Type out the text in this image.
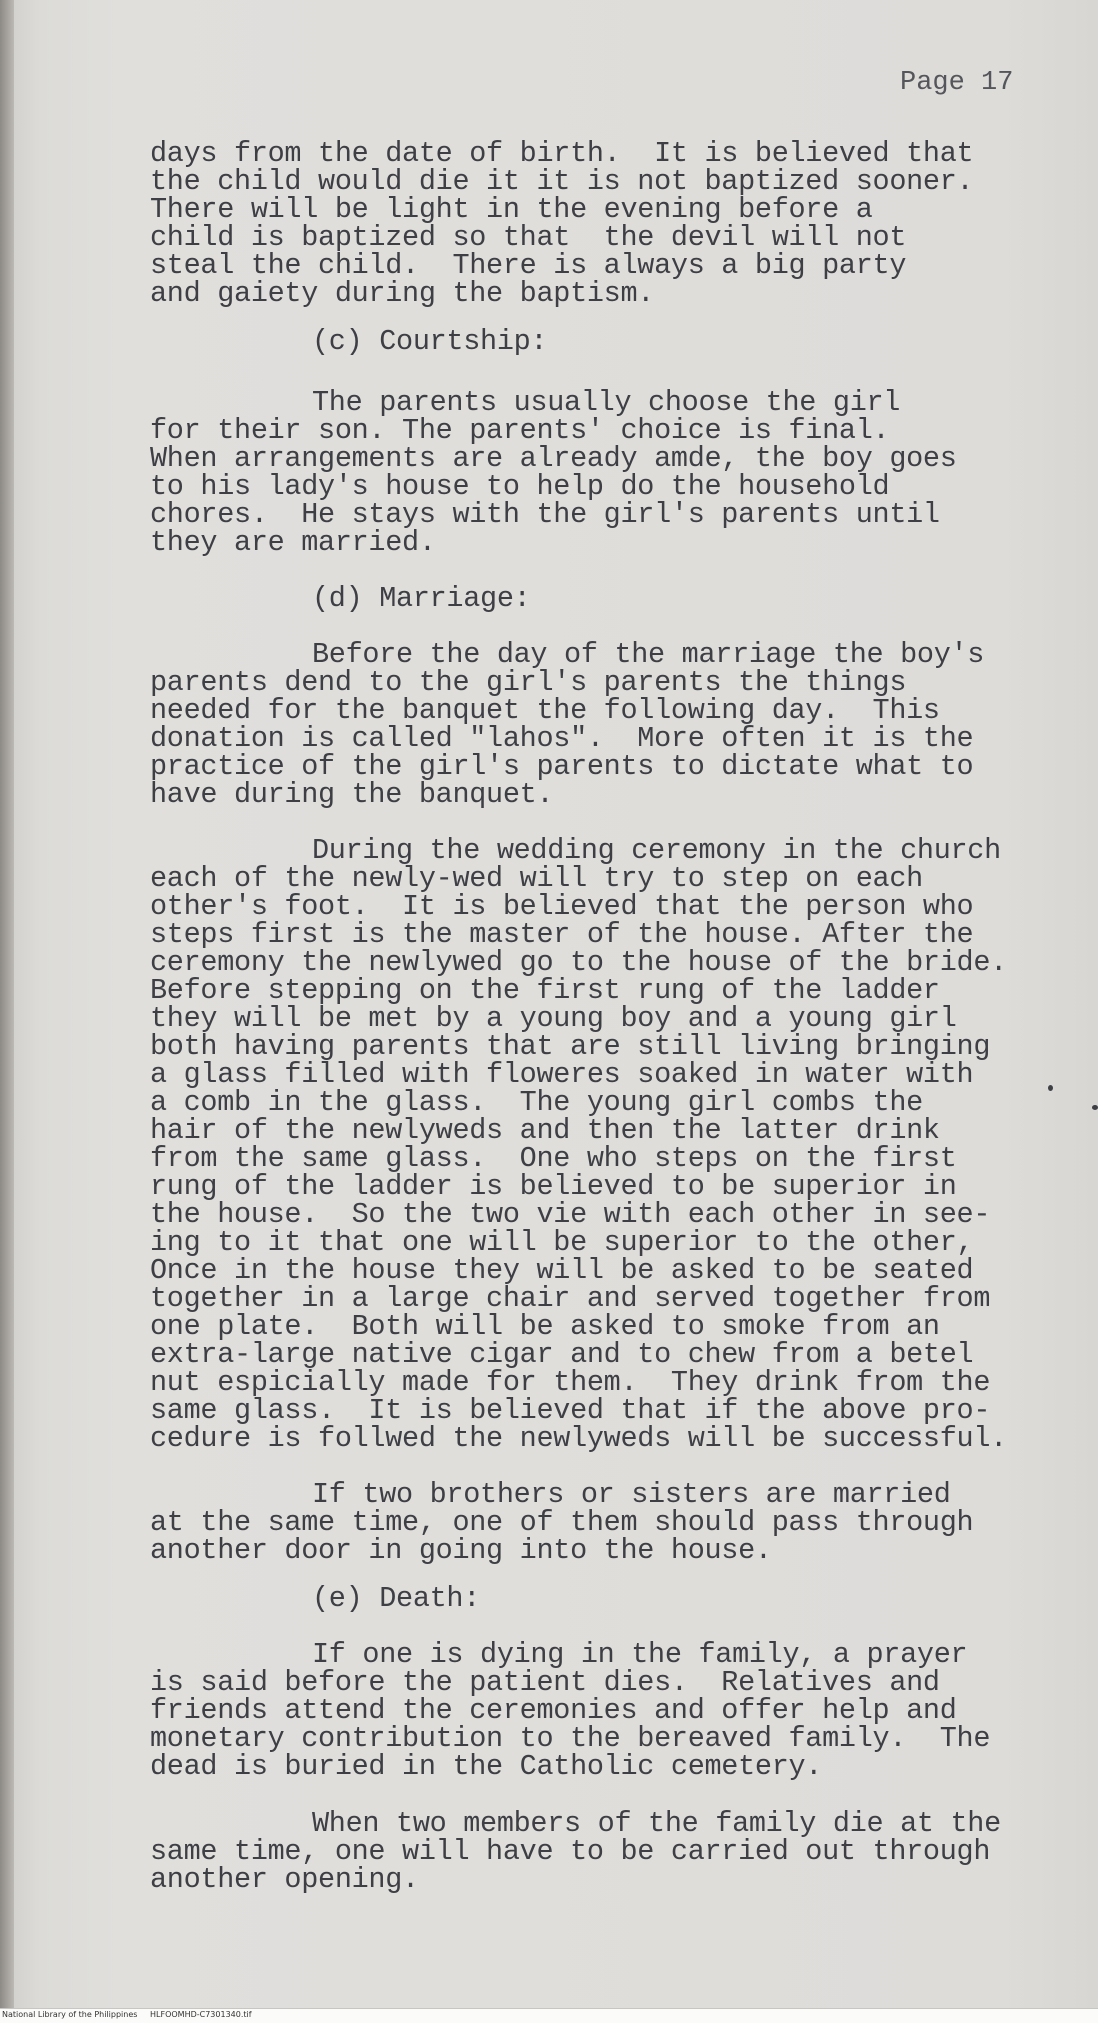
Page 17
days from the date of birth.  It is believed that
the child would die it it is not baptized sooner.
There will be light in the evening before a
child is baptized so that  the devil will not
steal the child.  There is always a big party
and gaiety during the baptism.
(c) Courtship:
The parents usually choose the girl
for their son. The parents' choice is final.
When arrangements are already amde, the boy goes
to his lady's house to help do the household
chores.  He stays with the girl's parents until
they are married.
(d) Marriage:
Before the day of the marriage the boy's
parents dend to the girl's parents the things
needed for the banquet the following day.  This
donation is called "lahos".  More often it is the
practice of the girl's parents to dictate what to
have during the banquet.
During the wedding ceremony in the church
each of the newly-wed will try to step on each
other's foot.  It is believed that the person who
steps first is the master of the house. After the
ceremony the newlywed go to the house of the bride.
Before stepping on the first rung of the ladder
they will be met by a young boy and a young girl
both having parents that are still living bringing
a glass filled with floweres soaked in water with
a comb in the glass.  The young girl combs the
hair of the newlyweds and then the latter drink
from the same glass.  One who steps on the first
rung of the ladder is believed to be superior in
the house.  So the two vie with each other in see-
ing to it that one will be superior to the other,
Once in the house they will be asked to be seated
together in a large chair and served together from
one plate.  Both will be asked to smoke from an
extra-large native cigar and to chew from a betel
nut espicially made for them.  They drink from the
same glass.  It is believed that if the above pro-
cedure is follwed the newlyweds will be successful.
If two brothers or sisters are married
at the same time, one of them should pass through
another door in going into the house.
(e) Death:
If one is dying in the family, a prayer
is said before the patient dies.  Relatives and
friends attend the ceremonies and offer help and
monetary contribution to the bereaved family.  The
dead is buried in the Catholic cemetery.
When two members of the family die at the
same time, one will have to be carried out through
another opening.
National Library of the Philippines HLFOOMHD-C7301340.tif
